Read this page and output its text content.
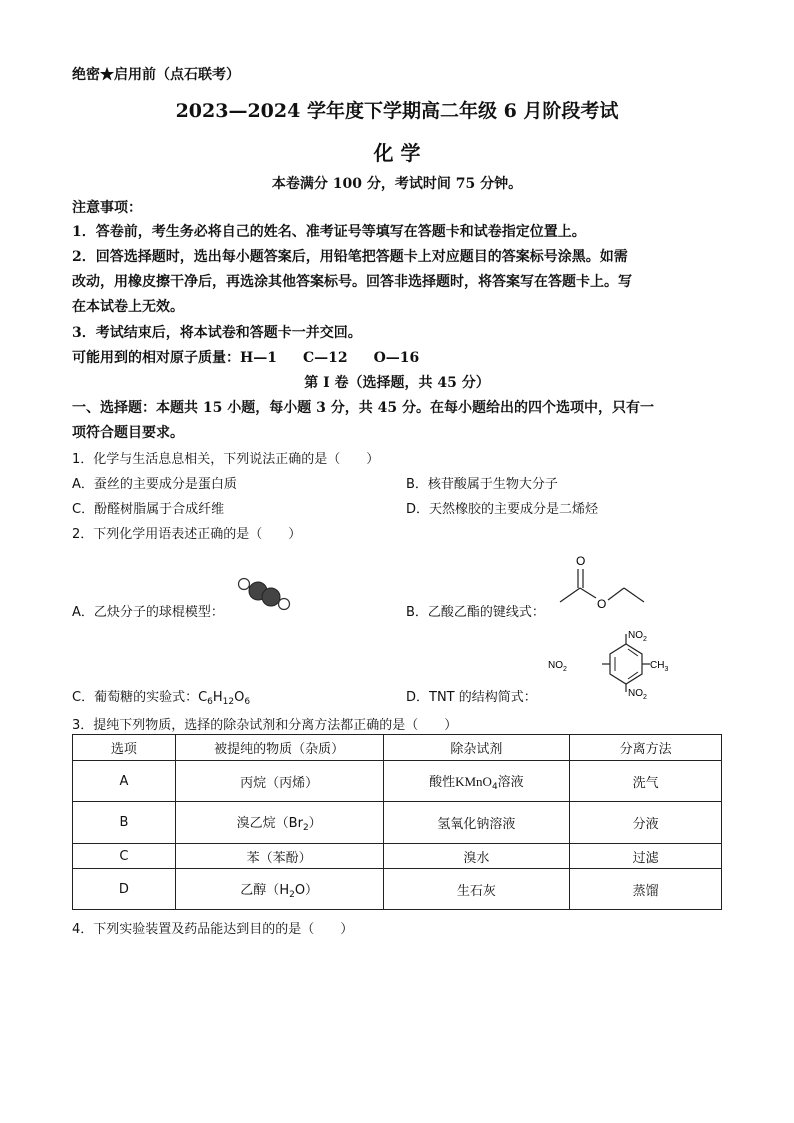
绝密★启用前（点石联考）
2023—2024 学年度下学期高二年级 6 月阶段考试
化 学
本卷满分 100 分，考试时间 75 分钟。
注意事项：
1．答卷前，考生务必将自己的姓名、准考证号等填写在答题卡和试卷指定位置上。
2．回答选择题时，选出每小题答案后，用铅笔把答题卡上对应题目的答案标号涂黑。如需
改动，用橡皮擦干净后，再选涂其他答案标号。回答非选择题时，将答案写在答题卡上。写
在本试卷上无效。
3．考试结束后，将本试卷和答题卡一并交回。
可能用到的相对原子质量：H—1 C—12 O—16
第 I 卷（选择题，共 45 分）
一、选择题：本题共 15 小题，每小题 3 分，共 45 分。在每小题给出的四个选项中，只有一
项符合题目要求。
1．化学与生活息息相关，下列说法正确的是（　　）
A．蚕丝的主要成分是蛋白质	B．核苷酸属于生物大分子
C．酚醛树脂属于合成纤维	D．天然橡胶的主要成分是二烯烃
2．下列化学用语表述正确的是（　　）
A．乙炔分子的球棍模型：	B．乙酸乙酯的键线式：
O
O
C．葡萄糖的实验式：$C_6H_{12}O_6$	D．TNT 的结构简式：
$NO_2$
$CH_3$
$NO_2$
$NO_2$
3．提纯下列物质，选择的除杂试剂和分离方法都正确的是（　　）
选项	被提纯的物质（杂质）	除杂试剂	分离方法
A	丙烷（丙烯）	酸性KMnO$_4$溶液	洗气
B	溴乙烷$(Br_2)$	氢氧化钠溶液	分液
C	苯（苯酚）	溴水	过滤
D	乙醇$(H_2O)$	生石灰	蒸馏
4．下列实验装置及药品能达到目的的是（　　）
